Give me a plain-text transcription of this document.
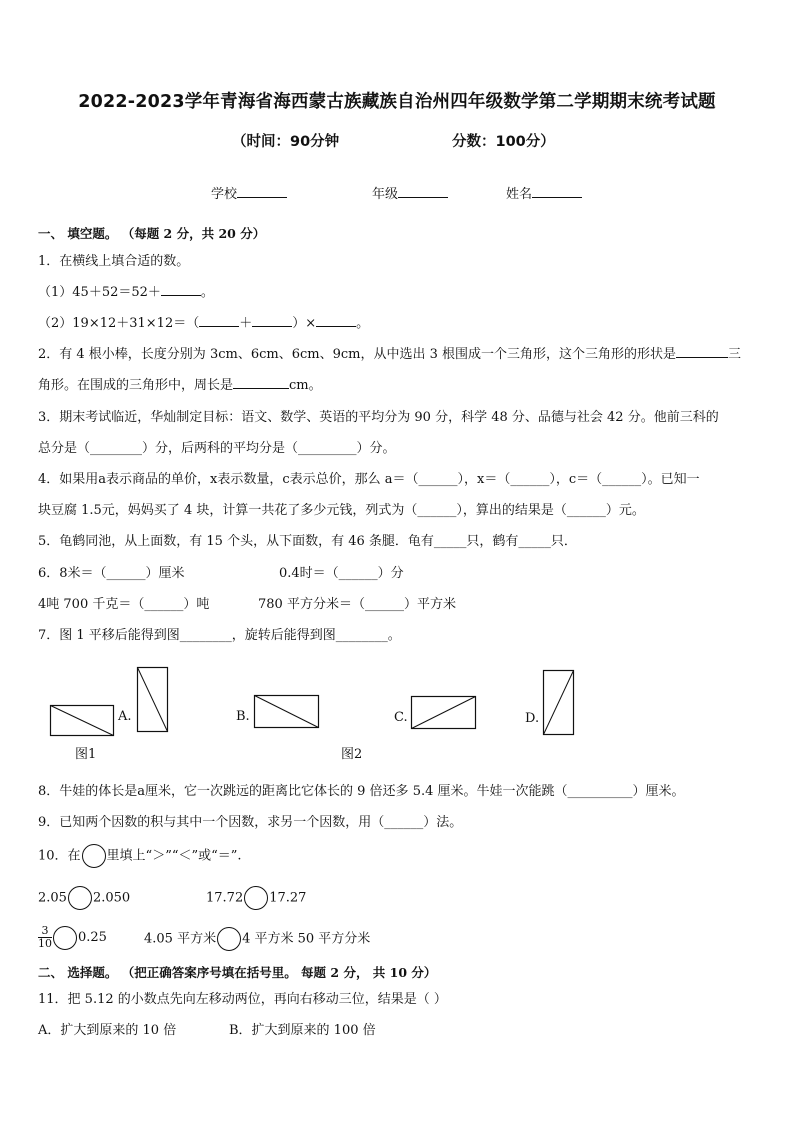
2022-2023学年青海省海西蒙古族藏族自治州四年级数学第二学期期末统考试题
（时间：90分钟	分数：100分）
学校	年级	姓名
一、 填空题。 （每题 2 分，共 20 分）
1．在横线上填合适的数。
（1）45＋52＝52＋	。
（2）19×12＋31×12＝（	＋	）×	。
2．有 4 根小棒，长度分别为 3cm、6cm、6cm、9cm，从中选出 3 根围成一个三角形，这个三角形的形状是	三
角形。在围成的三角形中，周长是	cm。
3．期末考试临近，华灿制定目标：语文、数学、英语的平均分为 90 分，科学 48 分、品德与社会 42 分。他前三科的
总分是（________）分，后两科的平均分是（_________）分。
4．如果用a表示商品的单价，x表示数量，c表示总价，那么 a＝（______），x＝（______），c＝（______）。已知一
块豆腐 1.5元，妈妈买了 4 块，计算一共花了多少元钱，列式为（______），算出的结果是（______）元。
5．龟鹤同池，从上面数，有 15 个头，从下面数，有 46 条腿．龟有_____只，鹤有_____只．
6．8米＝（______）厘米	0.4时＝（______）分
4吨 700 千克＝（______）吨	780 平方分米＝（______）平方米
7．图 1 平移后能得到图________，旋转后能得到图________。
A.	B.	C.	D.
图1	图2
8．牛娃的体长是a厘米，它一次跳远的距离比它体长的 9 倍还多 5.4 厘米。牛娃一次能跳（__________）厘米。
9．已知两个因数的积与其中一个因数，求另一个因数，用（______）法。
10．在 里填上“＞”“＜”或“＝”.
2.05 2.050	17.72 17.27
$\frac{3}{10} 0.25$	4.05 平方米 4 平方米 50 平方分米
二、 选择题。 （把正确答案序号填在括号里。 每题 2 分， 共 10 分）
11．把 5.12 的小数点先向左移动两位，再向右移动三位，结果是（ ）
A．扩大到原来的 10 倍	B．扩大到原来的 100 倍
